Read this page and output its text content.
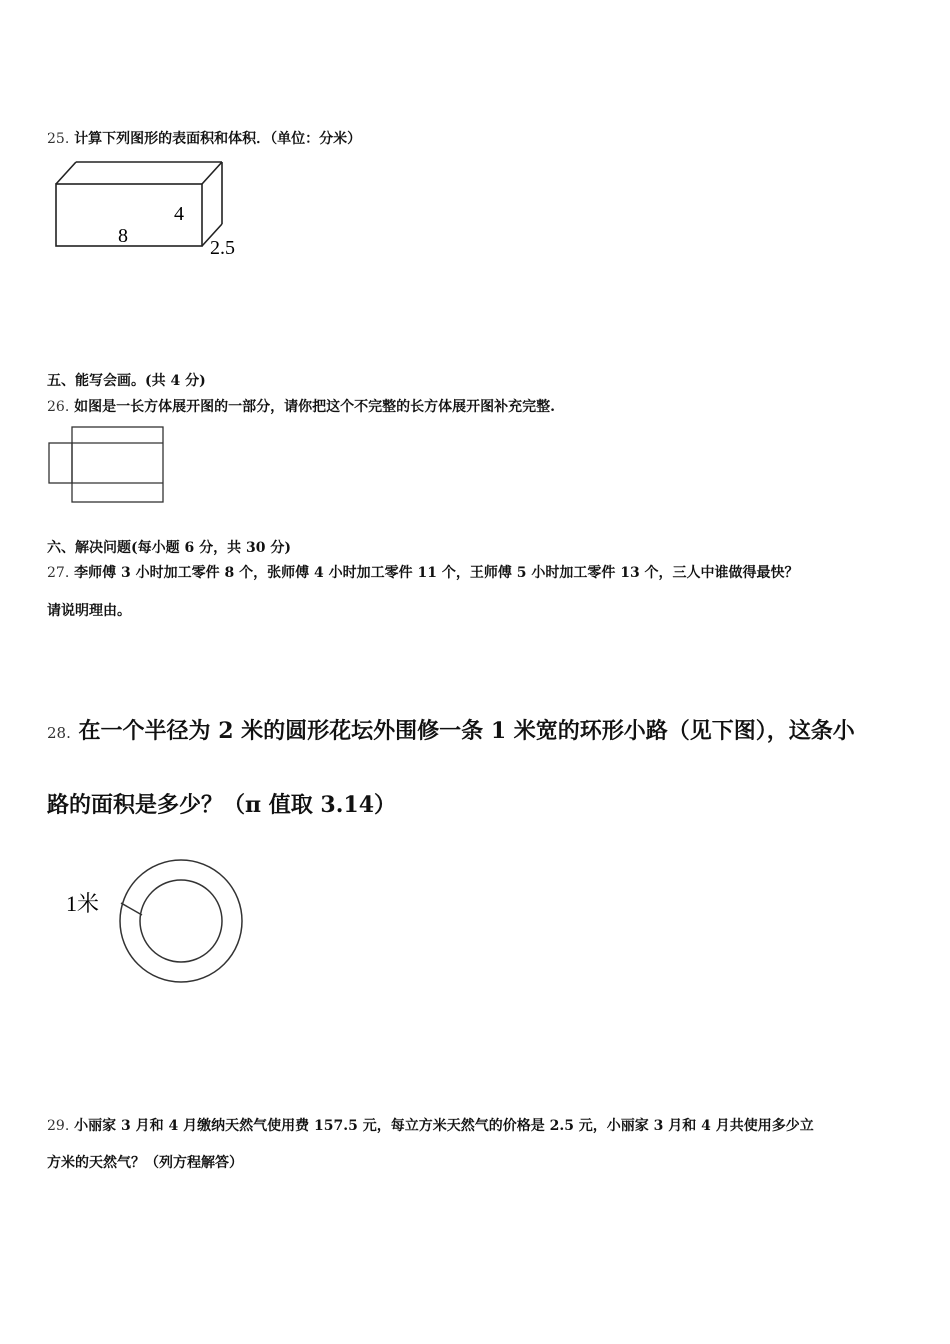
25. 计算下列图形的表面积和体积．（单位：分米）
8
4
2.5
五、能写会画。(共 4 分)
26. 如图是一长方体展开图的一部分，请你把这个不完整的长方体展开图补充完整.
六、解决问题(每小题 6 分，共 30 分)
27. 李师傅 3 小时加工零件 8 个，张师傅 4 小时加工零件 11 个，王师傅 5 小时加工零件 13 个，三人中谁做得最快？
请说明理由。
28. 在一个半径为 2 米的圆形花坛外围修一条 1 米宽的环形小路（见下图），这条小
路的面积是多少？（π 值取 3.14）
1米
29. 小丽家 3 月和 4 月缴纳天然气使用费 157.5 元，每立方米天然气的价格是 2.5 元，小丽家 3 月和 4 月共使用多少立
方米的天然气？（列方程解答）
